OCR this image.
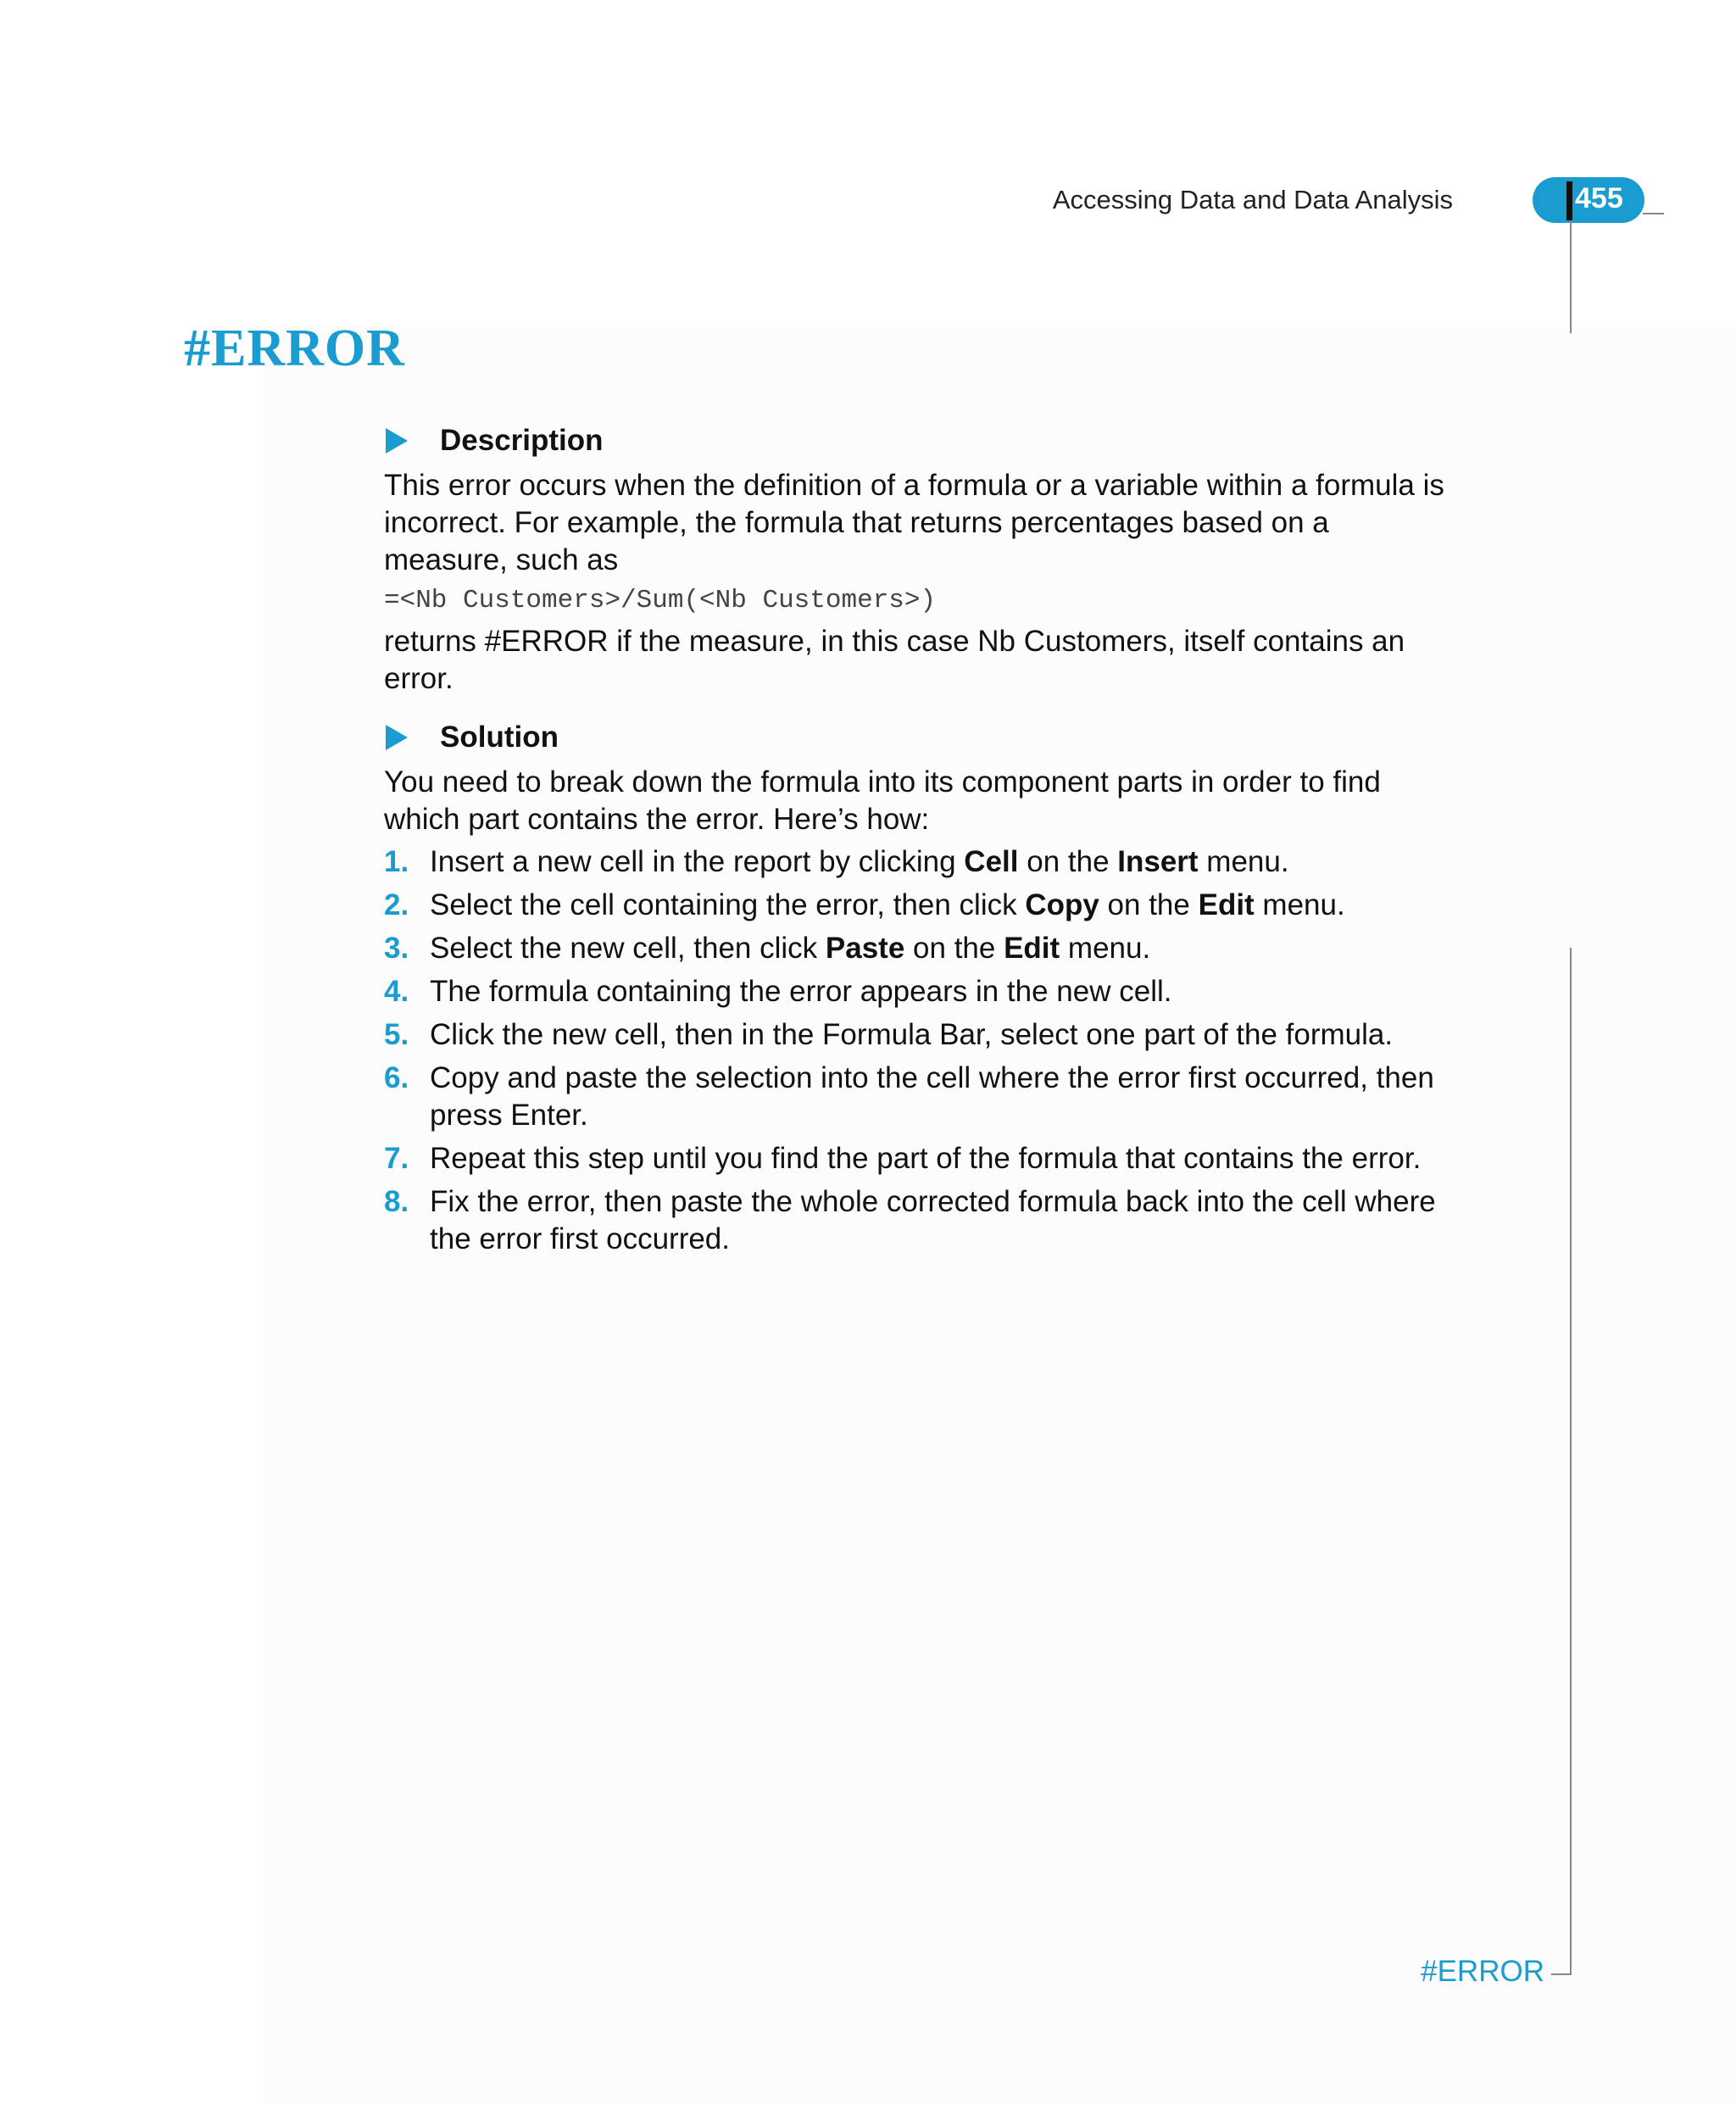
Accessing Data and Data Analysis	455
#ERROR
Description

This error occurs when the definition of a formula or a variable within a formula is incorrect. For example, the formula that returns percentages based on a measure, such as

=<Nb Customers>/Sum(<Nb Customers>)

returns #ERROR if the measure, in this case Nb Customers, itself contains an error.

Solution

You need to break down the formula into its component parts in order to find which part contains the error. Here’s how:

1. Insert a new cell in the report by clicking Cell on the Insert menu.
2. Select the cell containing the error, then click Copy on the Edit menu.
3. Select the new cell, then click Paste on the Edit menu.
4. The formula containing the error appears in the new cell.
5. Click the new cell, then in the Formula Bar, select one part of the formula.
6. Copy and paste the selection into the cell where the error first occurred, then press Enter.
7. Repeat this step until you find the part of the formula that contains the error.
8. Fix the error, then paste the whole corrected formula back into the cell where the error first occurred.
#ERROR
